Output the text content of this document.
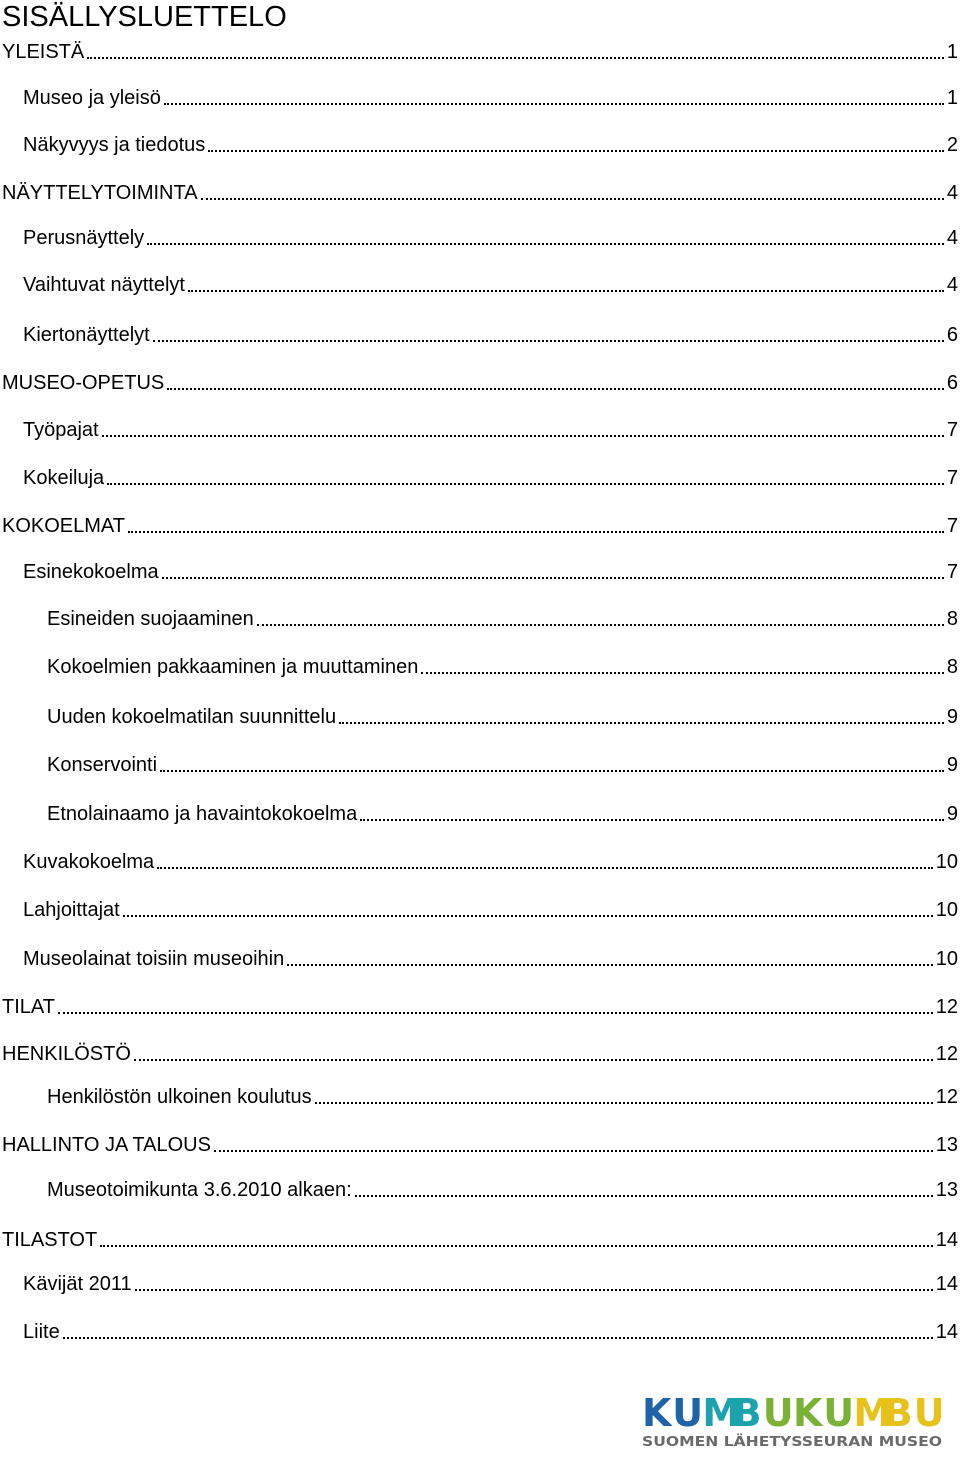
SISÄLLYSLUETTELO
YLEISTÄ	1
Museo ja yleisö	1
Näkyvyys ja tiedotus	2
NÄYTTELYTOIMINTA	4
Perusnäyttely	4
Vaihtuvat näyttelyt	4
Kiertonäyttelyt	6
MUSEO-OPETUS	6
Työpajat	7
Kokeiluja	7
KOKOELMAT	7
Esinekokoelma	7
Esineiden suojaaminen	8
Kokoelmien pakkaaminen ja muuttaminen	8
Uuden kokoelmatilan suunnittelu	9
Konservointi	9
Etnolainaamo ja havaintokokoelma	9
Kuvakokoelma	10
Lahjoittajat	10
Museolainat toisiin museoihin	10
TILAT	12
HENKILÖSTÖ	12
Henkilöstön ulkoinen koulutus	12
HALLINTO JA TALOUS	13
Museotoimikunta 3.6.2010 alkaen:	13
TILASTOT	14
Kävijät 2011	14
Liite	14
K U M
B U K U M
B U
SUOMEN LÄHETYSSEURAN MUSEO
